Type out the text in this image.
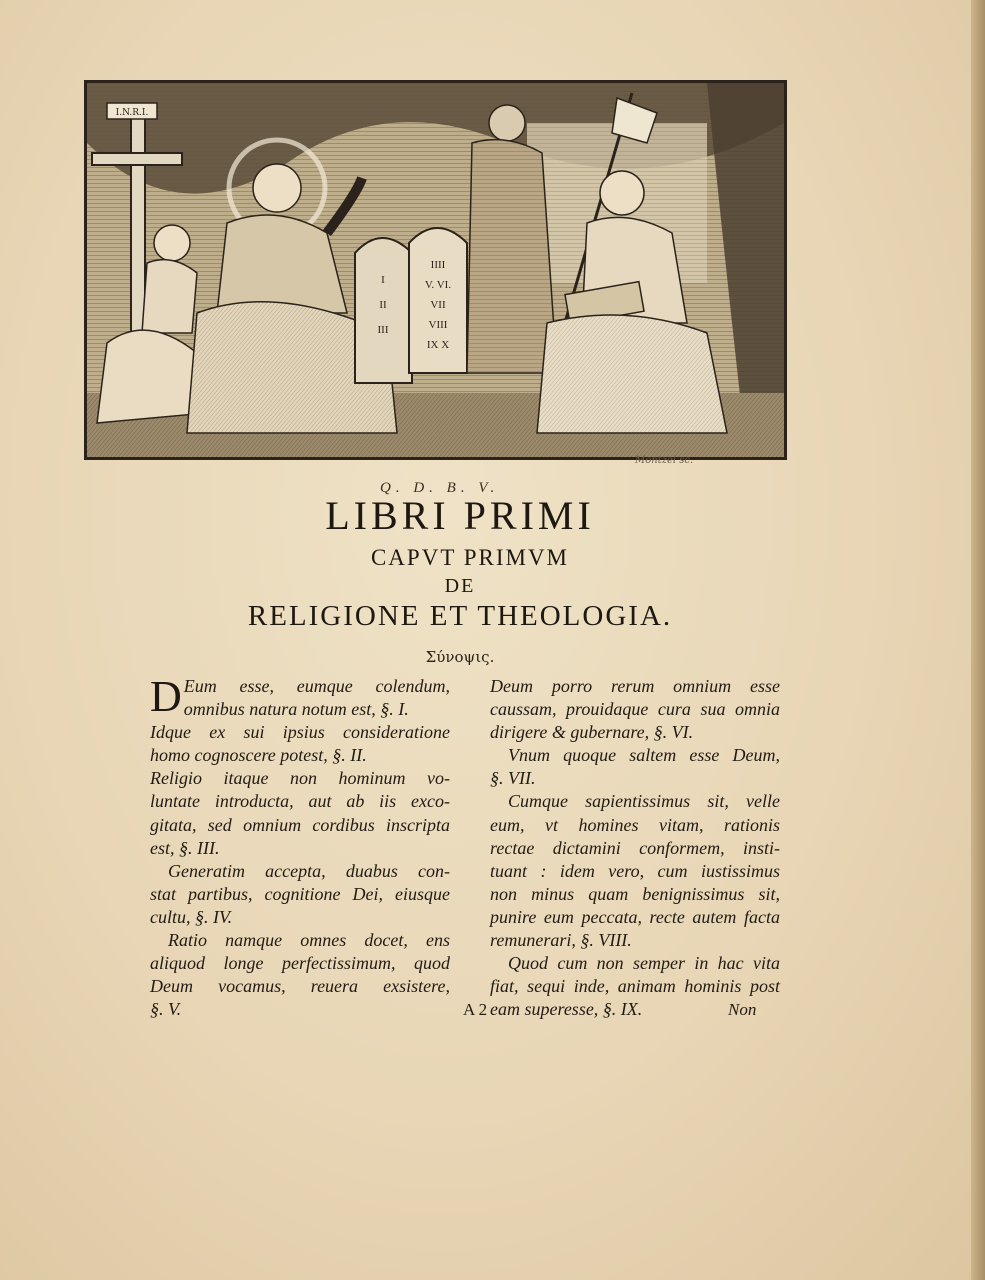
I.N.R.I.
I
II
III
IIII
V. VI.
VII
VIII
IX X
Montzel sc.
Q. D. B. V.
LIBRI PRIMI
CAPVT PRIMVM
DE
RELIGIONE ET THEOLOGIA.
Σύνοψις.
D Eum esse, eumque colendum,
omnibus natura notum est, §. I.
Idque ex sui ipsius consideratione
homo cognoscere potest, §. II.
Religio itaque non hominum vo-
luntate introducta, aut ab iis exco-
gitata, sed omnium cordibus inscripta
est, §. III.
Generatim accepta, duabus con-
stat partibus, cognitione Dei, eiusque
cultu, §. IV.
Ratio namque omnes docet, ens
aliquod longe perfectissimum, quod
Deum vocamus, reuera exsistere,
§. V.
Deum porro rerum omnium esse
caussam, prouidaque cura sua omnia
dirigere & gubernare, §. VI.
Vnum quoque saltem esse Deum,
§. VII.
Cumque sapientissimus sit, velle
eum, vt homines vitam, rationis
rectae dictamini conformem, insti-
tuant : idem vero, cum iustissimus
non minus quam benignissimus sit,
punire eum peccata, recte autem facta
remunerari, §. VIII.
Quod cum non semper in hac vita
fiat, sequi inde, animam hominis post
eam superesse, §. IX.
A 2	Non
